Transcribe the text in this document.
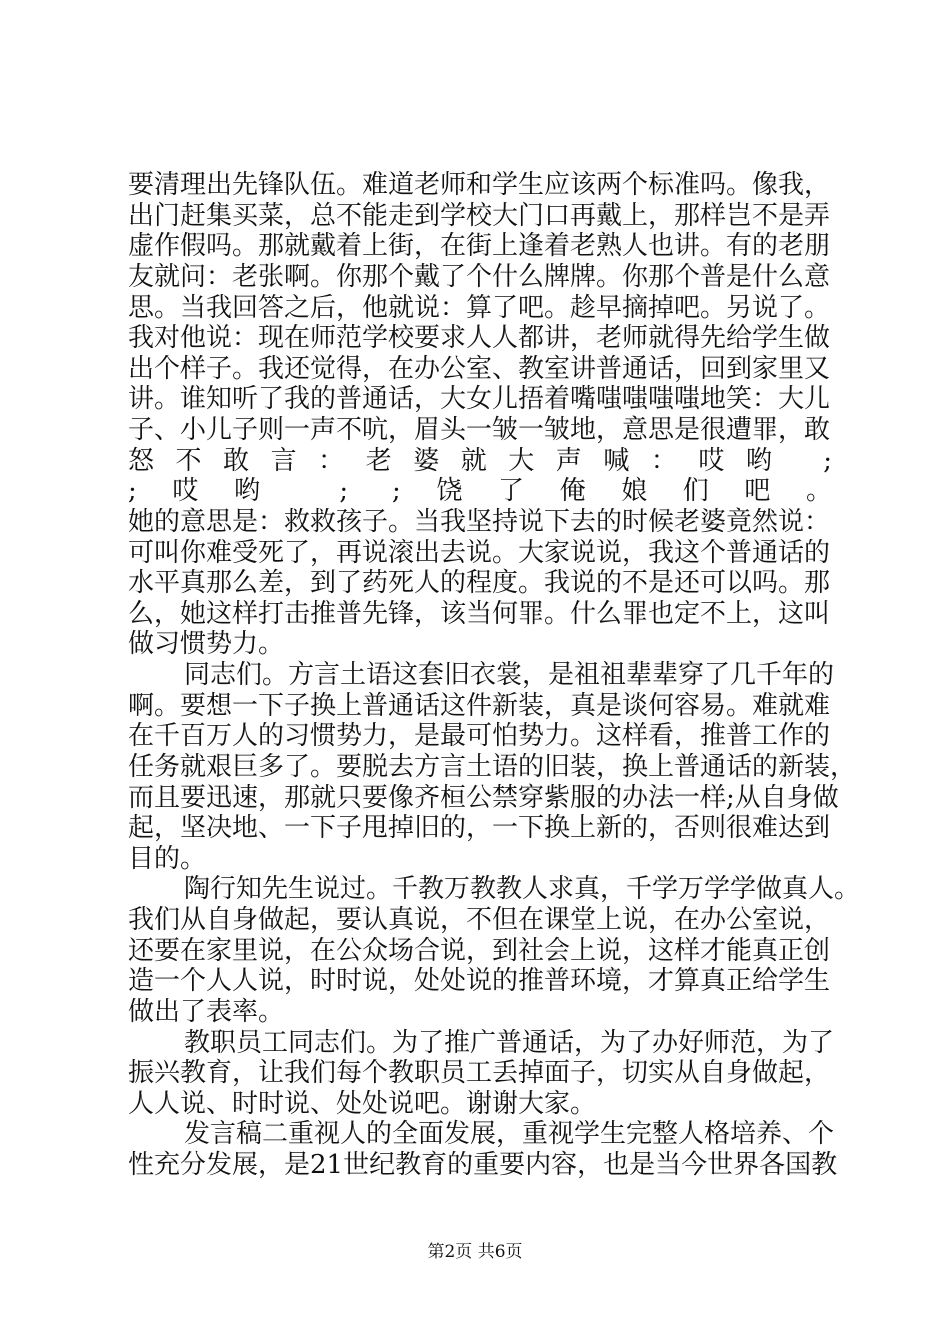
要清理出先锋队伍。难道老师和学生应该两个标准吗。像我，
出门赶集买菜，总不能走到学校大门口再戴上，那样岂不是弄
虚作假吗。那就戴着上街，在街上逢着老熟人也讲。有的老朋
友就问：老张啊。你那个戴了个什么牌牌。你那个普是什么意
思。当我回答之后，他就说：算了吧。趁早摘掉吧。另说了。
我对他说：现在师范学校要求人人都讲，老师就得先给学生做
出个样子。我还觉得，在办公室、教室讲普通话，回到家里又
讲。谁知听了我的普通话，大女儿捂着嘴嗤嗤嗤嗤地笑：大儿
子、小儿子则一声不吭，眉头一皱一皱地，意思是很遭罪，敢
怒不敢言：老婆就大声喊：哎哟 ;
;哎哟 ; ;饶了俺娘们吧。
她的意思是：救救孩子。当我坚持说下去的时候老婆竟然说：
可叫你难受死了，再说滚出去说。大家说说，我这个普通话的
水平真那么差，到了药死人的程度。我说的不是还可以吗。那
么，她这样打击推普先锋，该当何罪。什么罪也定不上，这叫
做习惯势力。
同志们。方言土语这套旧衣裳，是祖祖辈辈穿了几千年的
啊。要想一下子换上普通话这件新装，真是谈何容易。难就难
在千百万人的习惯势力，是最可怕势力。这样看，推普工作的
任务就艰巨多了。要脱去方言土语的旧装，换上普通话的新装，
而且要迅速，那就只要像齐桓公禁穿紫服的办法一样;从自身做
起，坚决地、一下子甩掉旧的，一下换上新的，否则很难达到
目的。
陶行知先生说过。千教万教教人求真，千学万学学做真人。
我们从自身做起，要认真说，不但在课堂上说，在办公室说，
还要在家里说，在公众场合说，到社会上说，这样才能真正创
造一个人人说，时时说，处处说的推普环境，才算真正给学生
做出了表率。
教职员工同志们。为了推广普通话，为了办好师范，为了
振兴教育，让我们每个教职员工丢掉面子，切实从自身做起，
人人说、时时说、处处说吧。谢谢大家。
发言稿二重视人的全面发展，重视学生完整人格培养、个
性充分发展，是21世纪教育的重要内容，也是当今世界各国教
第2页 共6页
